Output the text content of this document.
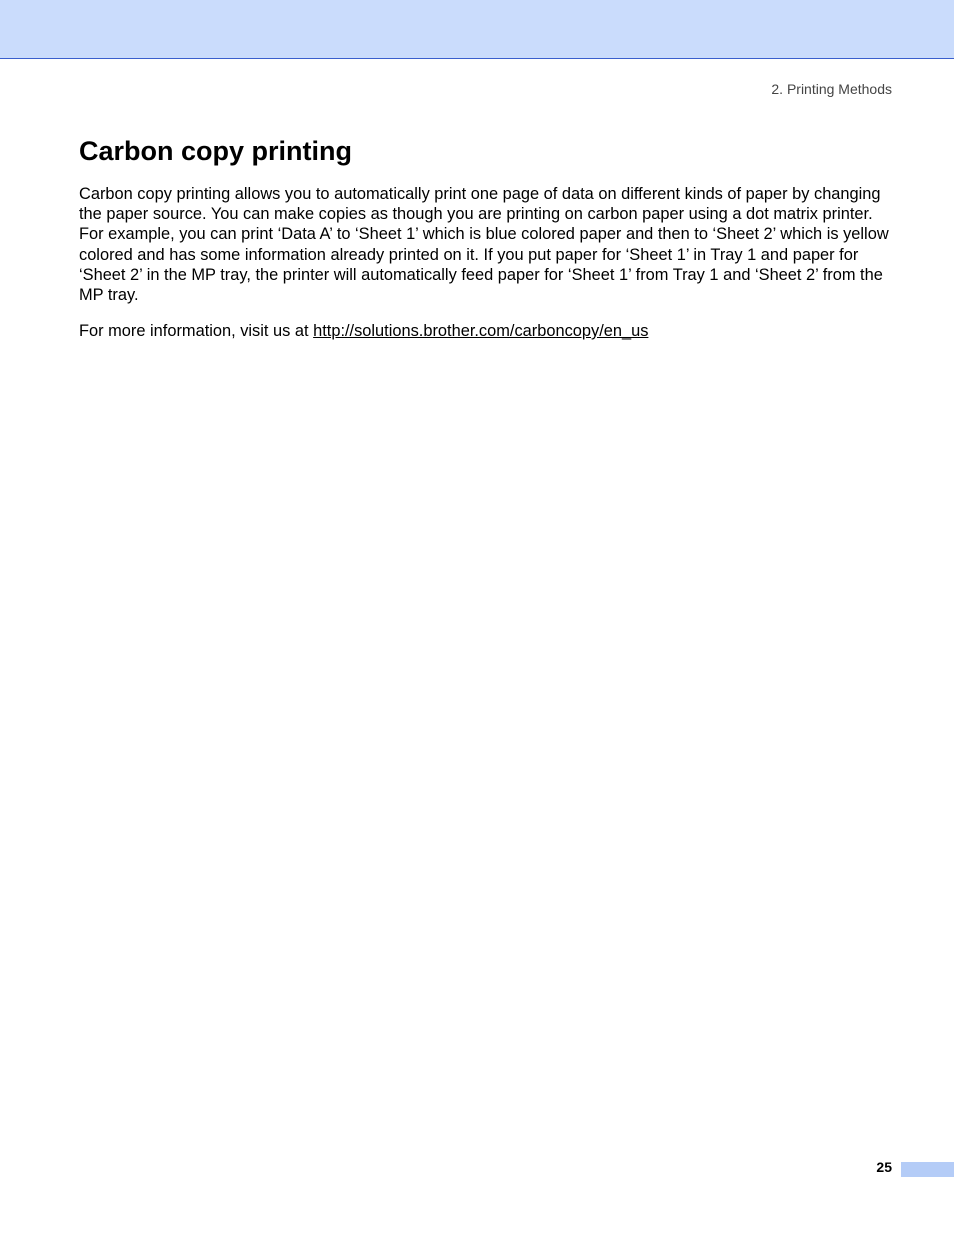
2. Printing Methods
Carbon copy printing

Carbon copy printing allows you to automatically print one page of data on different kinds of paper by changing the paper source. You can make copies as though you are printing on carbon paper using a dot matrix printer. For example, you can print ‘Data A’ to ‘Sheet 1’ which is blue colored paper and then to ‘Sheet 2’ which is yellow colored and has some information already printed on it. If you put paper for ‘Sheet 1’ in Tray 1 and paper for ‘Sheet 2’ in the MP tray, the printer will automatically feed paper for ‘Sheet 1’ from Tray 1 and ‘Sheet 2’ from the MP tray.

For more information, visit us at http://solutions.brother.com/carboncopy/en_us

25
